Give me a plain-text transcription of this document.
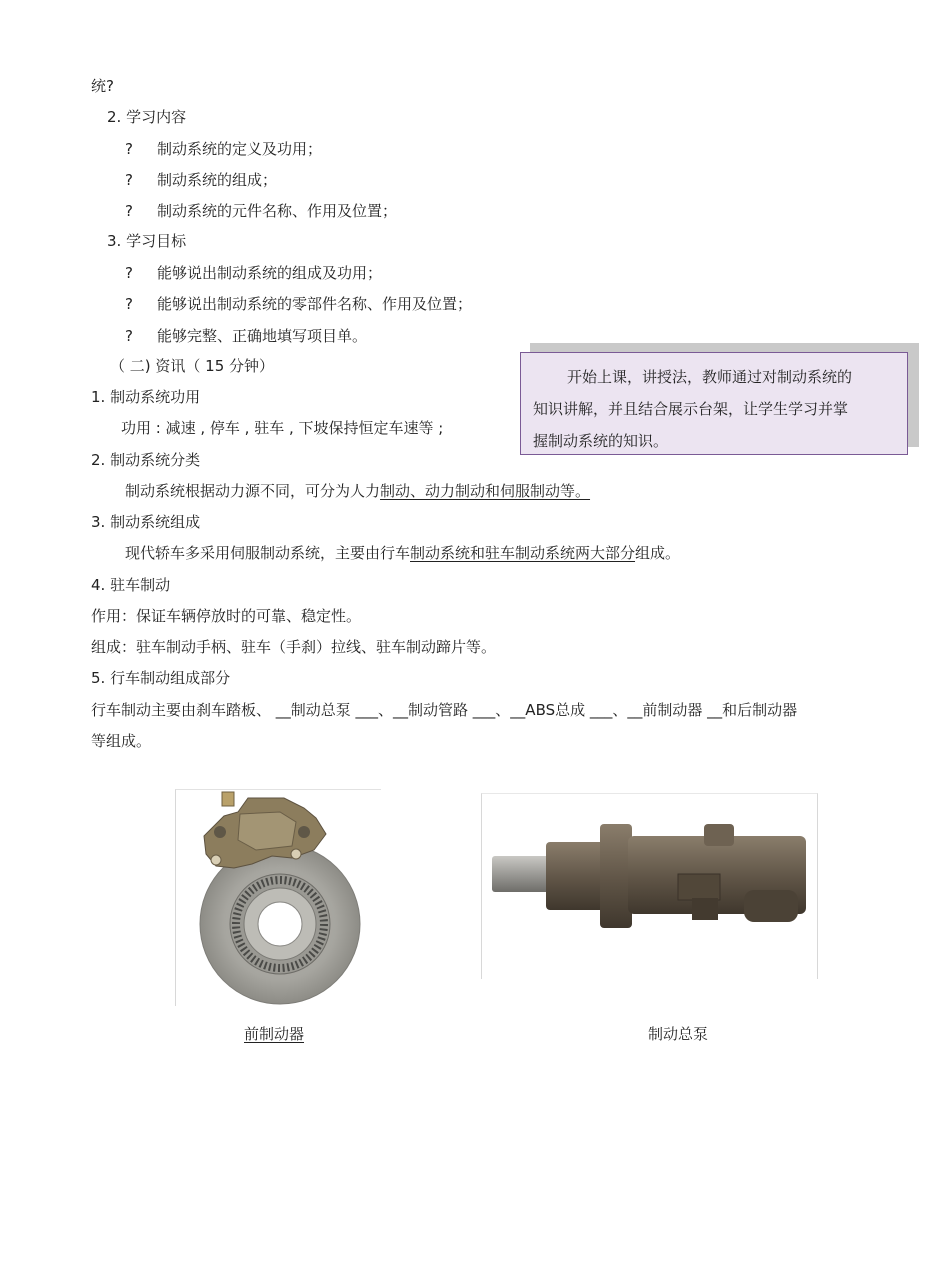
统?
2. 学习内容
? 制动系统的定义及功用；
? 制动系统的组成；
? 制动系统的元件名称、作用及位置；
3. 学习目标
? 能够说出制动系统的组成及功用；
? 能够说出制动系统的零部件名称、作用及位置；
? 能够完整、正确地填写项目单。
（ 二) 资讯（ 15 分钟）
1. 制动系统功用
功用 : 减速 , 停车 , 驻车 , 下坡保持恒定车速等 ;
2. 制动系统分类
制动系统根据动力源不同，可分为人力制动、动力制动和伺服制动等。
3. 制动系统组成
现代轿车多采用伺服制动系统，主要由行车制动系统和驻车制动系统两大部分组成。
4. 驻车制动
作用：保证车辆停放时的可靠、稳定性。
组成：驻车制动手柄、驻车（手刹）拉线、驻车制动蹄片等。
5. 行车制动组成部分
行车制动主要由刹车踏板、 __制动总泵 ___、__制动管路 ___、__ABS总成 ___、__前制动器 __和后制动器
等组成。

开始上课，讲授法，教师通过对制动系统的

知识讲解，并且结合展示台架，让学生学习并掌

握制动系统的知识。

前制动器	制动总泵
